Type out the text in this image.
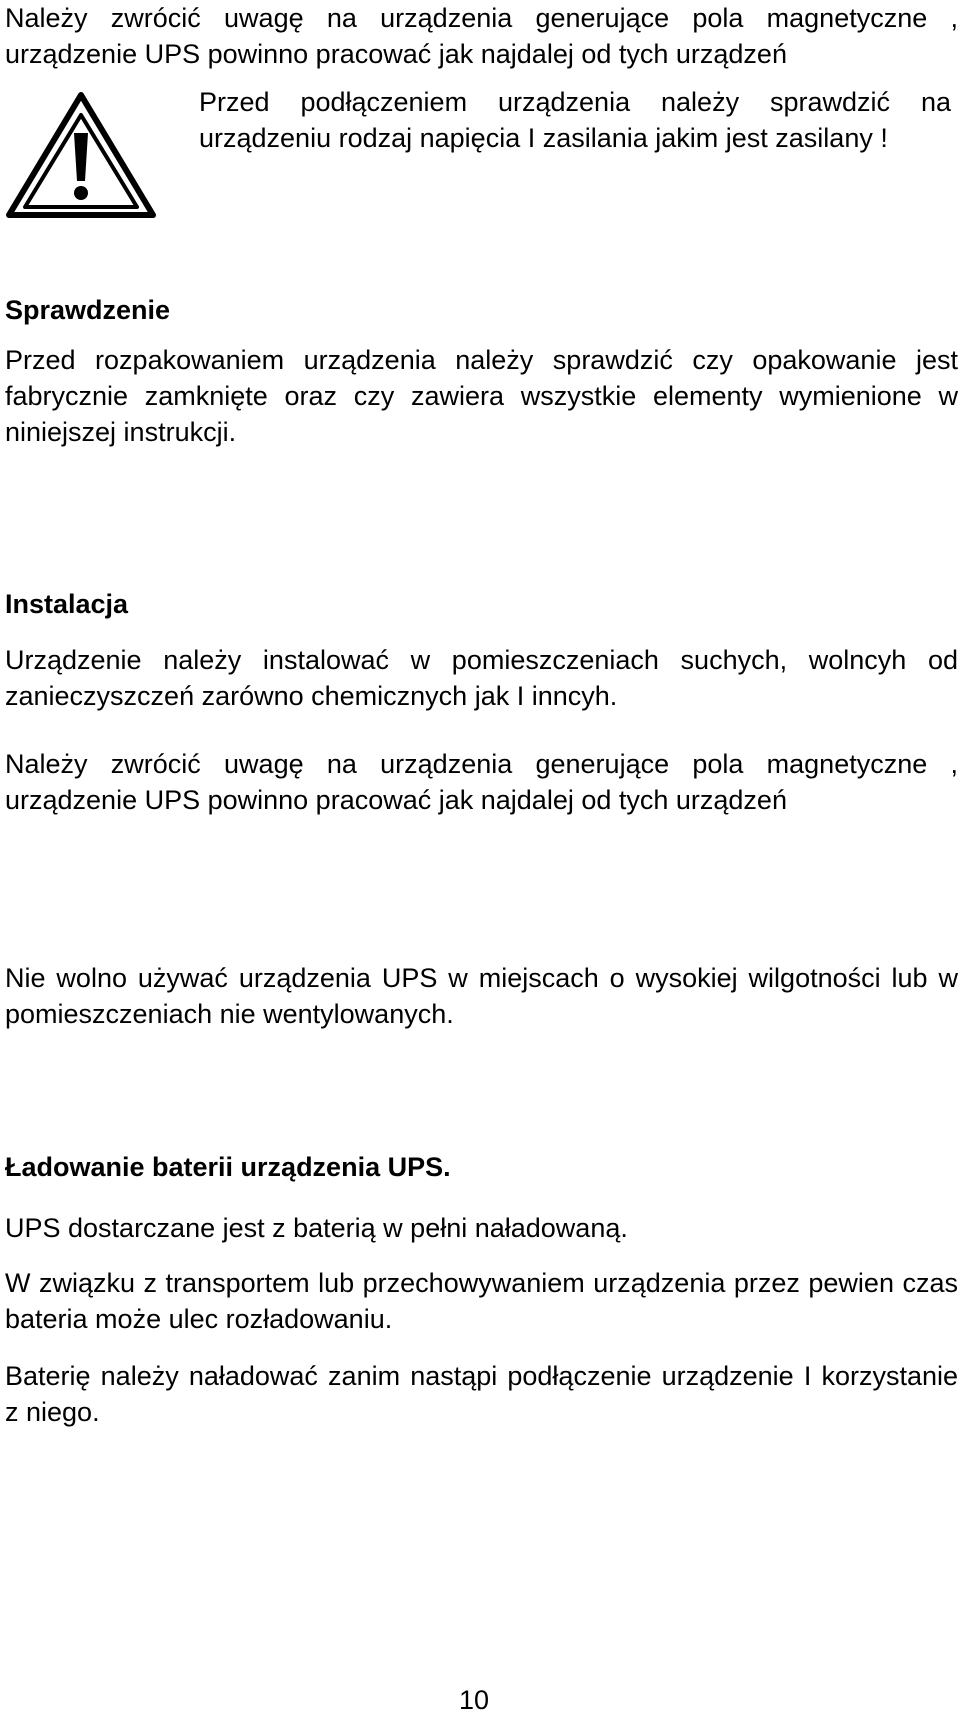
Należy zwrócić uwagę na urządzenia generujące pola magnetyczne , urządzenie UPS powinno pracować jak najdalej od tych urządzeń

Przed podłączeniem urządzenia należy sprawdzić na urządzeniu rodzaj napięcia I zasilania jakim jest zasilany !

Sprawdzenie

Przed rozpakowaniem urządzenia należy sprawdzić czy opakowanie jest fabrycznie zamknięte oraz czy zawiera wszystkie elementy wymienione w niniejszej instrukcji.

Instalacja

Urządzenie należy instalować w pomieszczeniach suchych, wolncyh od zanieczyszczeń zarówno chemicznych jak I inncyh.

Należy zwrócić uwagę na urządzenia generujące pola magnetyczne , urządzenie UPS powinno pracować jak najdalej od tych urządzeń

Nie wolno używać urządzenia UPS w miejscach o wysokiej wilgotności lub w pomieszczeniach nie wentylowanych.

Ładowanie baterii urządzenia UPS.

UPS dostarczane jest z baterią w pełni naładowaną.

W związku z transportem lub przechowywaniem urządzenia przez pewien czas bateria może ulec rozładowaniu.

Baterię należy naładować zanim nastąpi podłączenie urządzenie I korzystanie z niego.

10
